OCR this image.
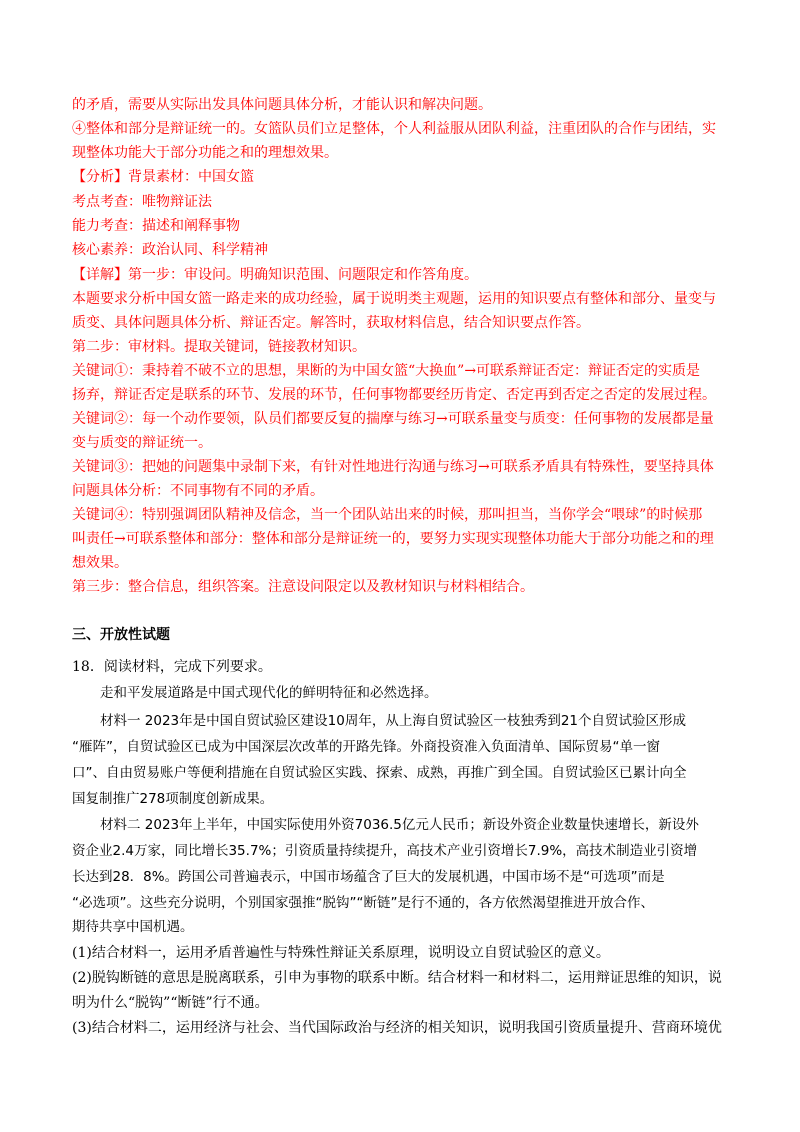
的矛盾，需要从实际出发具体问题具体分析，才能认识和解决问题。
④整体和部分是辩证统一的。女篮队员们立足整体，个人利益服从团队利益，注重团队的合作与团结，实
现整体功能大于部分功能之和的理想效果。
【分析】背景素材：中国女篮
考点考查：唯物辩证法
能力考查：描述和阐释事物
核心素养：政治认同、科学精神
【详解】第一步：审设问。明确知识范围、问题限定和作答角度。
本题要求分析中国女篮一路走来的成功经验，属于说明类主观题，运用的知识要点有整体和部分、量变与
质变、具体问题具体分析、辩证否定。解答时，获取材料信息，结合知识要点作答。
第二步：审材料。提取关键词，链接教材知识。
关键词①：秉持着不破不立的思想，果断的为中国女篮“大换血”→可联系辩证否定：辩证否定的实质是
扬弃，辩证否定是联系的环节、发展的环节，任何事物都要经历肯定、否定再到否定之否定的发展过程。
关键词②：每一个动作要领，队员们都要反复的揣摩与练习→可联系量变与质变：任何事物的发展都是量
变与质变的辩证统一。
关键词③：把她的问题集中录制下来，有针对性地进行沟通与练习→可联系矛盾具有特殊性，要坚持具体
问题具体分析：不同事物有不同的矛盾。
关键词④：特别强调团队精神及信念，当一个团队站出来的时候，那叫担当，当你学会“喂球”的时候那
叫责任→可联系整体和部分：整体和部分是辩证统一的，要努力实现实现整体功能大于部分功能之和的理
想效果。
第三步：整合信息，组织答案。注意设问限定以及教材知识与材料相结合。
三、开放性试题
18．阅读材料，完成下列要求。
走和平发展道路是中国式现代化的鲜明特征和必然选择。
材料一 2023年是中国自贸试验区建设10周年，从上海自贸试验区一枝独秀到21个自贸试验区形成
“雁阵”，自贸试验区已成为中国深层次改革的开路先锋。外商投资准入负面清单、国际贸易“单一窗
口”、自由贸易账户等便利措施在自贸试验区实践、探索、成熟，再推广到全国。自贸试验区已累计向全
国复制推广278项制度创新成果。
材料二 2023年上半年，中国实际使用外资7036.5亿元人民币；新设外资企业数量快速增长，新设外
资企业2.4万家，同比增长35.7%；引资质量持续提升，高技术产业引资增长7.9%，高技术制造业引资增
长达到28．8%。跨国公司普遍表示，中国市场蕴含了巨大的发展机遇，中国市场不是“可选项”而是
“必选项”。这些充分说明，个别国家强推“脱钩”“断链”是行不通的，各方依然渴望推进开放合作、
期待共享中国机遇。
(1)结合材料一，运用矛盾普遍性与特殊性辩证关系原理，说明设立自贸试验区的意义。
(2)脱钩断链的意思是脱离联系，引申为事物的联系中断。结合材料一和材料二，运用辩证思维的知识，说
明为什么“脱钩”“断链”行不通。
(3)结合材料二，运用经济与社会、当代国际政治与经济的相关知识，说明我国引资质量提升、营商环境优
